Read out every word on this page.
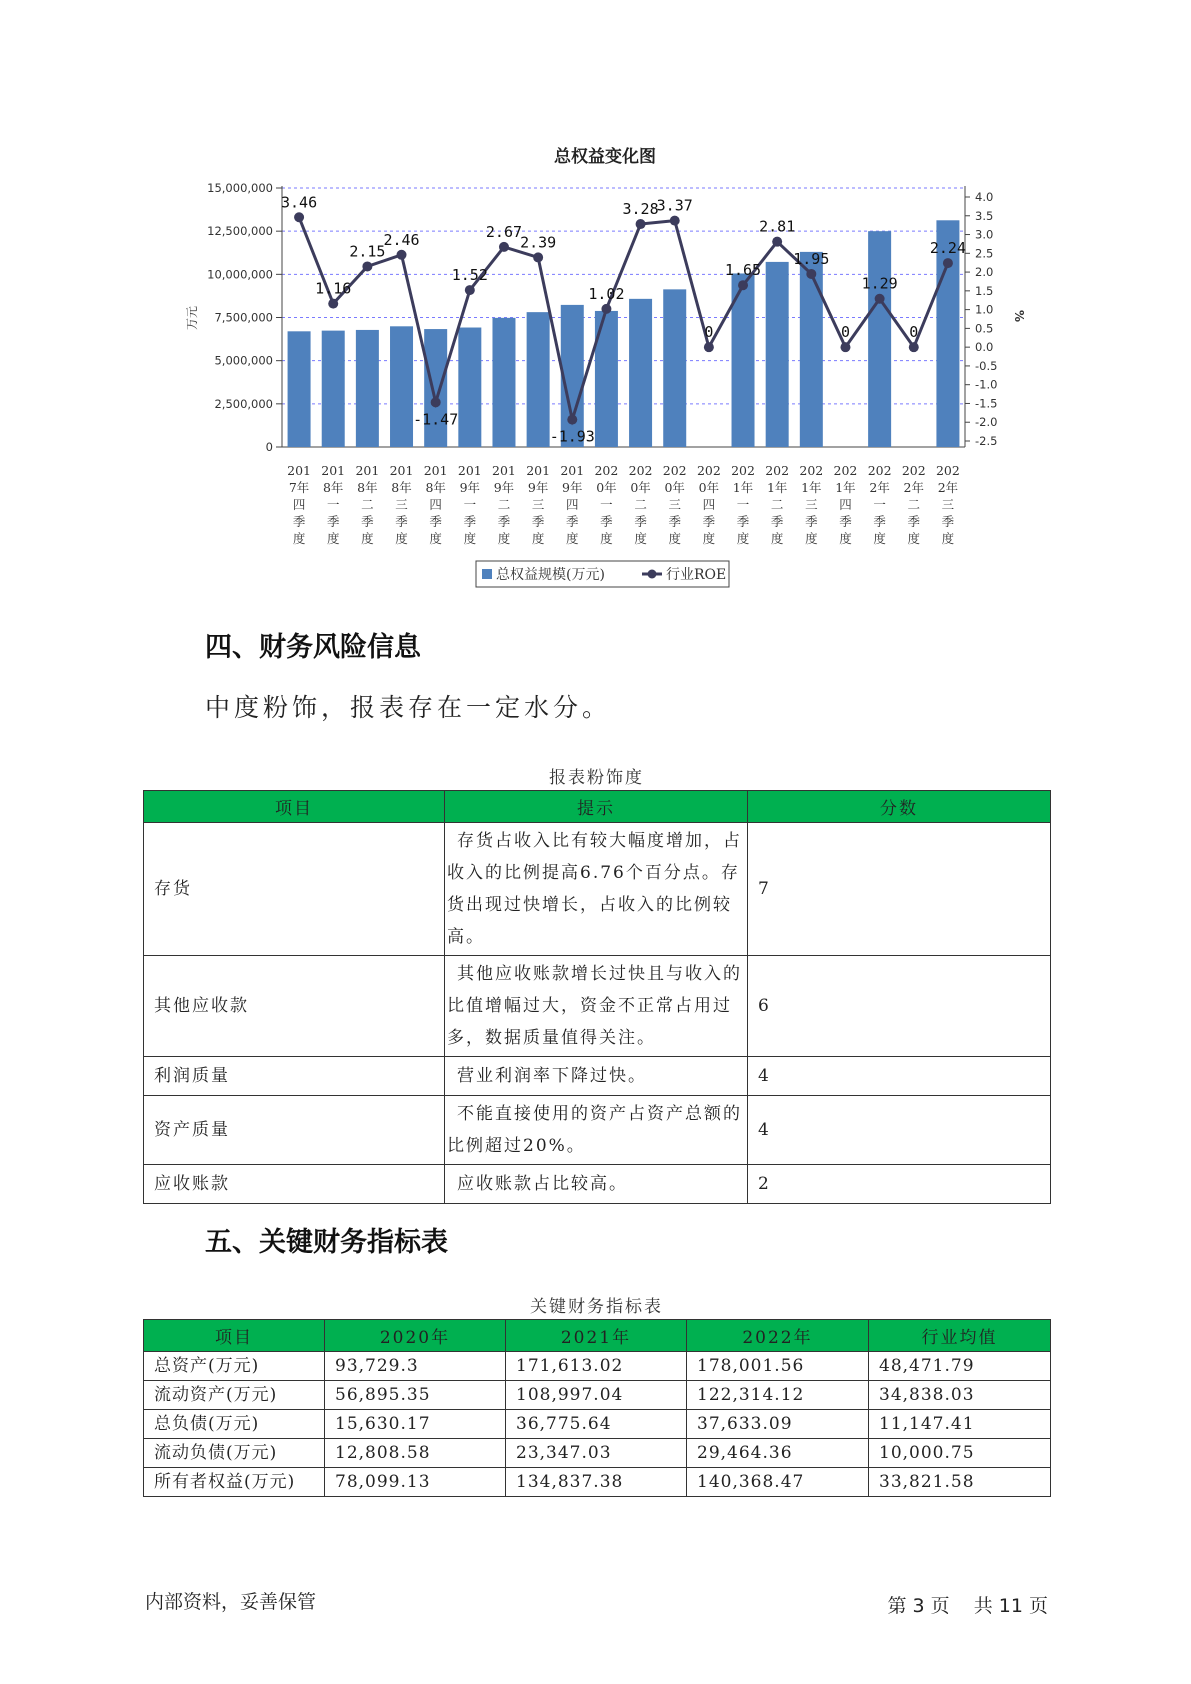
总权益变化图
15,000,000
12,500,000
10,000,000
7,500,000
5,000,000
2,500,000
0
4.0
3.5
3.0
2.5
2.0
1.5
1.0
0.5
0.0
-0.5
-1.0
-1.5
-2.0
-2.5
万元	%
201 7年四季度
201 8年一季度
201 8年二季度
201 8年三季度
201 8年四季度
201 9年一季度
201 9年二季度
201 9年三季度
201 9年四季度
202 0年一季度
202 0年二季度
202 0年三季度
202 0年四季度
202 1年一季度
202 1年二季度
202 1年三季度
202 1年四季度
202 2年一季度
202 2年二季度
202 2年三季度
3.46
1.16
2.15
2.46
-1.47
1.52
2.67
2.39
-1.93
1.02
3.28
3.37
0
1.65
2.81
1.95
0
1.29
0
2.24
总权益规模(万元)	行业ROE
四、财务风险信息

中度粉饰，报表存在一定水分。

报表粉饰度
项目	提示	分数
存货	存货占收入比有较大幅度增加，占收入的比例提高6.76个百分点。存货出现过快增长，占收入的比例较高。	7
其他应收款	其他应收账款增长过快且与收入的比值增幅过大，资金不正常占用过多，数据质量值得关注。	6
利润质量	营业利润率下降过快。	4
资产质量	不能直接使用的资产占资产总额的比例超过20%。	4
应收账款	应收账款占比较高。	2
五、关键财务指标表
关键财务指标表
项目	2020年	2021年	2022年	行业均值
总资产(万元)	93,729.3	171,613.02	178,001.56	48,471.79
流动资产(万元)	56,895.35	108,997.04	122,314.12	34,838.03
总负债(万元)	15,630.17	36,775.64	37,633.09	11,147.41
流动负债(万元)	12,808.58	23,347.03	29,464.36	10,000.75
所有者权益(万元)	78,099.13	134,837.38	140,368.47	33,821.58
内部资料，妥善保管	第 3 页 共 11 页
